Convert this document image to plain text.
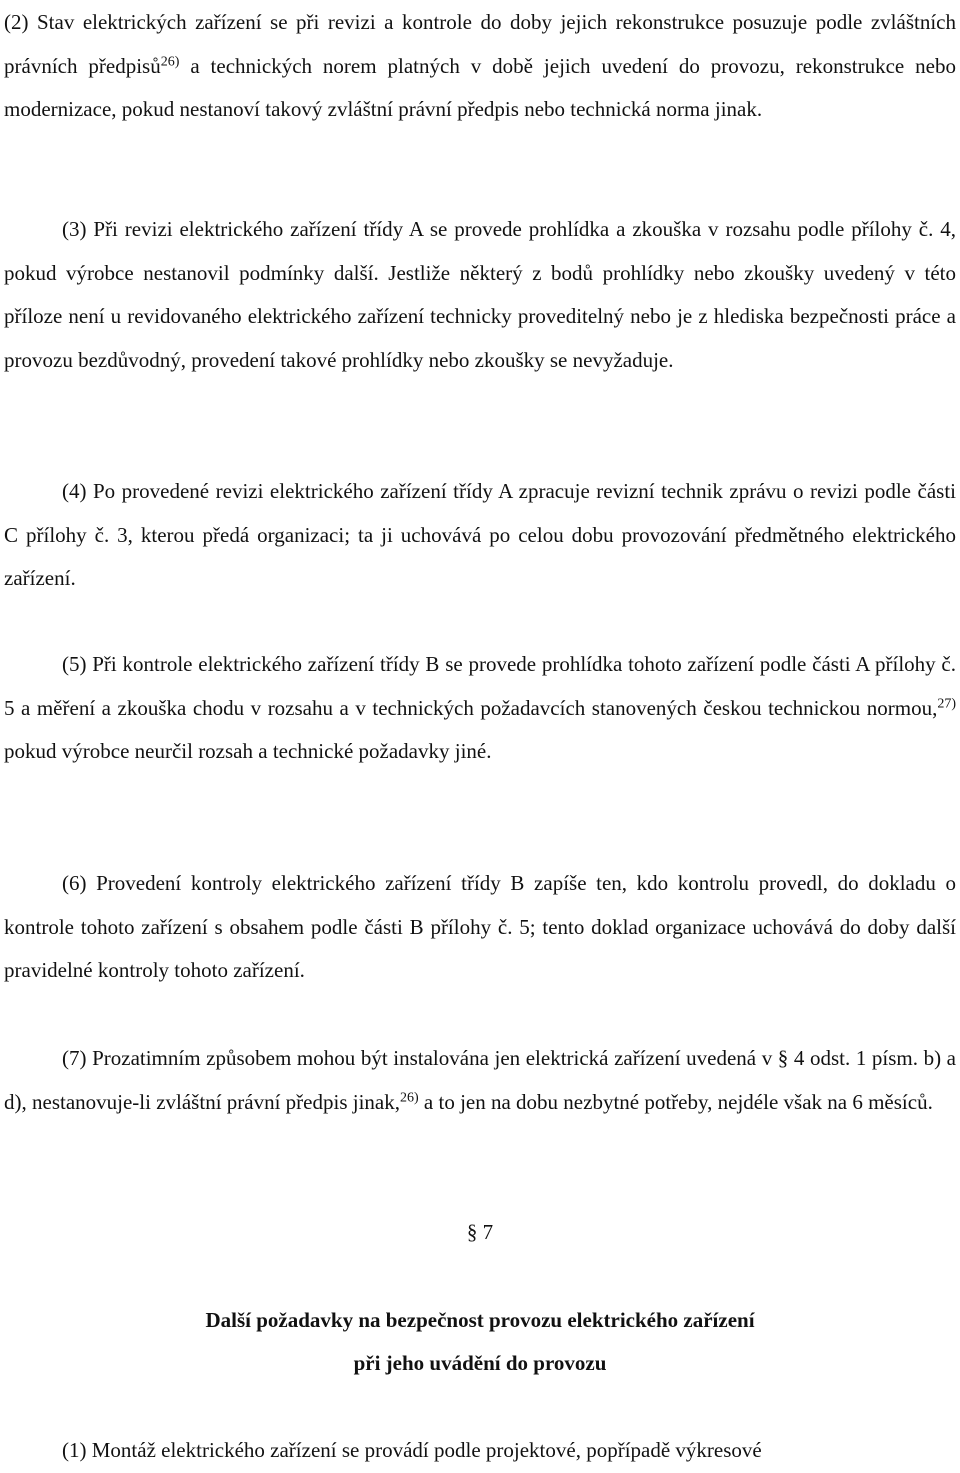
(2) Stav elektrických zařízení se při revizi a kontrole do doby jejich rekonstrukce posuzuje podle zvláštních právních předpisů$^{26)}$ a technických norem platných v době jejich uvedení do provozu, rekonstrukce nebo modernizace, pokud nestanoví takový zvláštní právní předpis nebo technická norma jinak.

(3) Při revizi elektrického zařízení třídy A se provede prohlídka a zkouška v rozsahu podle přílohy č. 4, pokud výrobce nestanovil podmínky další. Jestliže některý z bodů prohlídky nebo zkoušky uvedený v této příloze není u revidovaného elektrického zařízení technicky proveditelný nebo je z hlediska bezpečnosti práce a provozu bezdůvodný, provedení takové prohlídky nebo zkoušky se nevyžaduje.

(4) Po provedené revizi elektrického zařízení třídy A zpracuje revizní technik zprávu o revizi podle části C přílohy č. 3, kterou předá organizaci; ta ji uchovává po celou dobu provozování předmětného elektrického zařízení.

(5) Při kontrole elektrického zařízení třídy B se provede prohlídka tohoto zařízení podle části A přílohy č. 5 a měření a zkouška chodu v rozsahu a v technických požadavcích stanovených českou technickou normou,$^{27)}$ pokud výrobce neurčil rozsah a technické požadavky jiné.

(6) Provedení kontroly elektrického zařízení třídy B zapíše ten, kdo kontrolu provedl, do dokladu o kontrole tohoto zařízení s obsahem podle části B přílohy č. 5; tento doklad organizace uchovává do doby další pravidelné kontroly tohoto zařízení.

(7) Prozatimním způsobem mohou být instalována jen elektrická zařízení uvedená v § 4 odst. 1 písm. b) a d), nestanovuje-li zvláštní právní předpis jinak,$^{26)}$ a to jen na dobu nezbytné potřeby, nejdéle však na 6 měsíců.

§ 7
Další požadavky na bezpečnost provozu elektrického zařízení
při jeho uvádění do provozu

(1) Montáž elektrického zařízení se provádí podle projektové, popřípadě výkresové
